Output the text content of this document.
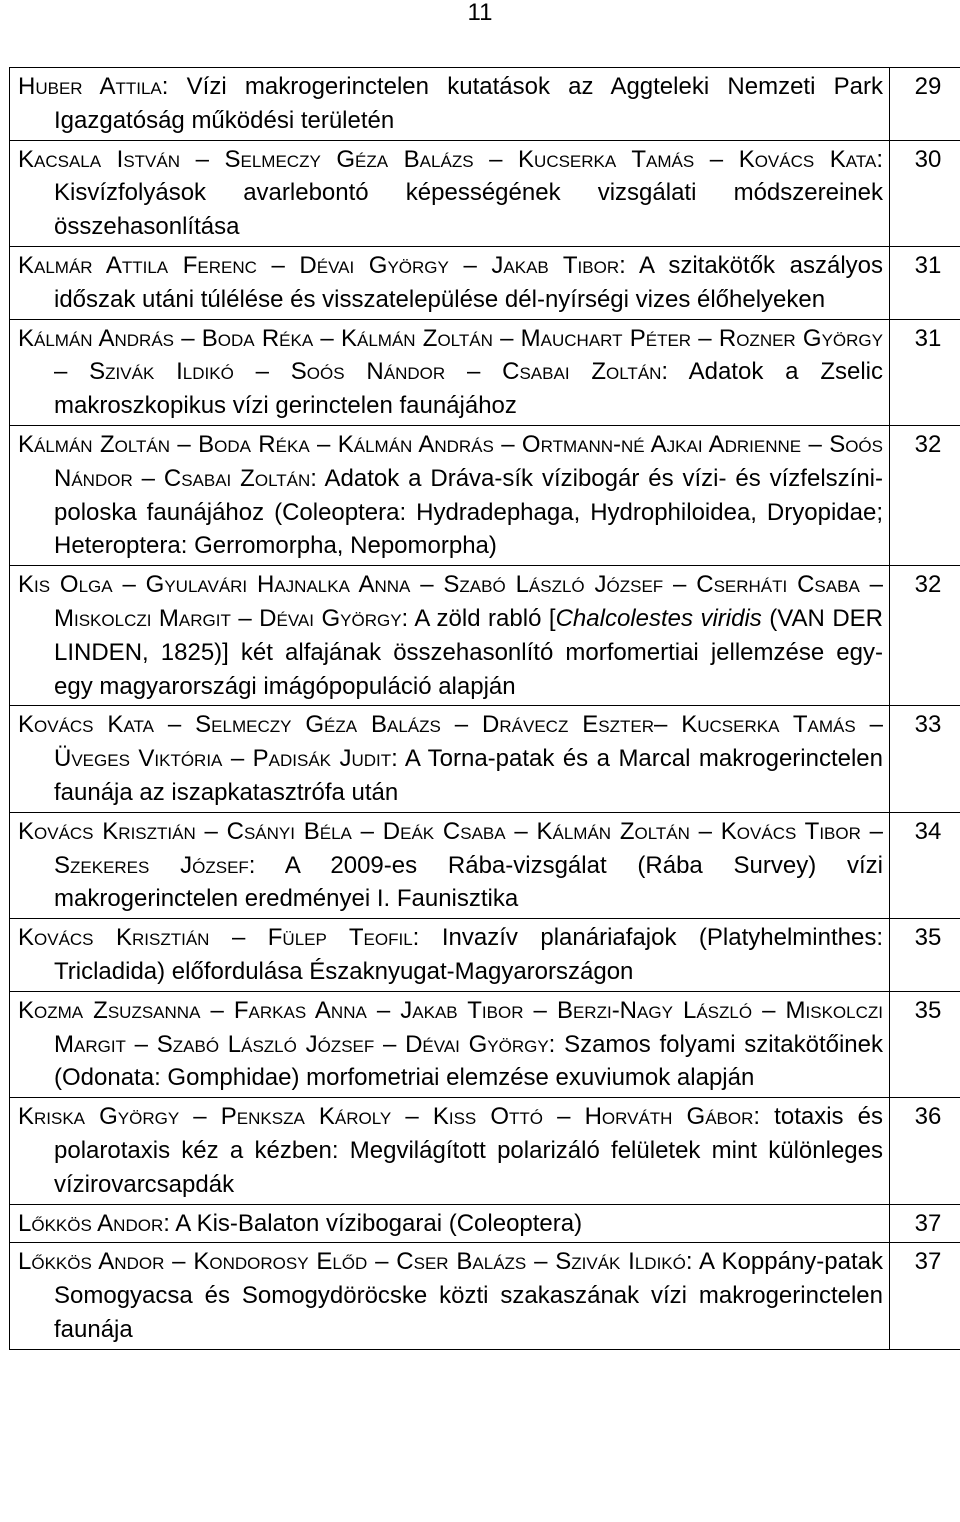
11
Huber Attila: Vízi makrogerinctelen kutatások az Aggteleki Nemzeti Park Igazgatóság működési területén	29

Kacsala István – Selmeczy Géza Balázs – Kucserka Tamás – Kovács Kata: Kisvízfolyások avarlebontó képességének vizsgálati módszereinek összehasonlítása	30

Kalmár Attila Ferenc – Dévai György – Jakab Tibor: A szitakötők aszályos időszak utáni túlélése és visszatelepülése dél-nyírségi vizes élőhelyeken	31

Kálmán András – Boda Réka – Kálmán Zoltán – Mauchart Péter – Rozner György – Szivák Ildikó – Soós Nándor – Csabai Zoltán: Adatok a Zselic makroszkopikus vízi gerinctelen faunájához	31

Kálmán Zoltán – Boda Réka – Kálmán András – Ortmann-né Ajkai Adrienne – Soós Nándor – Csabai Zoltán: Adatok a Dráva-sík vízibogár és vízi- és vízfelszíni-poloska faunájához (Coleoptera: Hydradephaga, Hydrophiloidea, Dryopidae; Heteroptera: Gerromorpha, Nepomorpha)	32

Kis Olga – Gyulavári Hajnalka Anna – Szabó László József – Cserháti Csaba – Miskolczi Margit – Dévai György: A zöld rabló [Chalcolestes viridis (VAN DER LINDEN, 1825)] két alfajának összehasonlító morfomertiai jellemzése egy-egy magyarországi imágópopuláció alapján	32

Kovács Kata – Selmeczy Géza Balázs – Drávecz Eszter– Kucserka Tamás – Üveges Viktória – Padisák Judit: A Torna-patak és a Marcal makrogerinctelen faunája az iszapkatasztrófa után	33

Kovács Krisztián – Csányi Béla – Deák Csaba – Kálmán Zoltán – Kovács Tibor – Szekeres József: A 2009-es Rába-vizsgálat (Rába Survey) vízi makrogerinctelen eredményei I. Faunisztika	34

Kovács Krisztián – Fülep Teofil: Invazív planáriafajok (Platyhelminthes: Tricladida) előfordulása Északnyugat-Magyarországon	35

Kozma Zsuzsanna – Farkas Anna – Jakab Tibor – Berzi-Nagy László – Miskolczi Margit – Szabó László József – Dévai György: Szamos folyami szitakötőinek (Odonata: Gomphidae) morfometriai elemzése exuviumok alapján	35

Kriska György – Penksza Károly – Kiss Ottó – Horváth Gábor: totaxis és polarotaxis kéz a kézben: Megvilágított polarizáló felületek mint különleges vízirovarcsapdák	36

Lőkkös Andor: A Kis-Balaton vízibogarai (Coleoptera)	37

Lőkkös Andor – Kondorosy Előd – Cser Balázs – Szivák Ildikó: A Koppány-patak Somogyacsa és Somogydöröcske közti szakaszának vízi makrogerinctelen faunája	37
